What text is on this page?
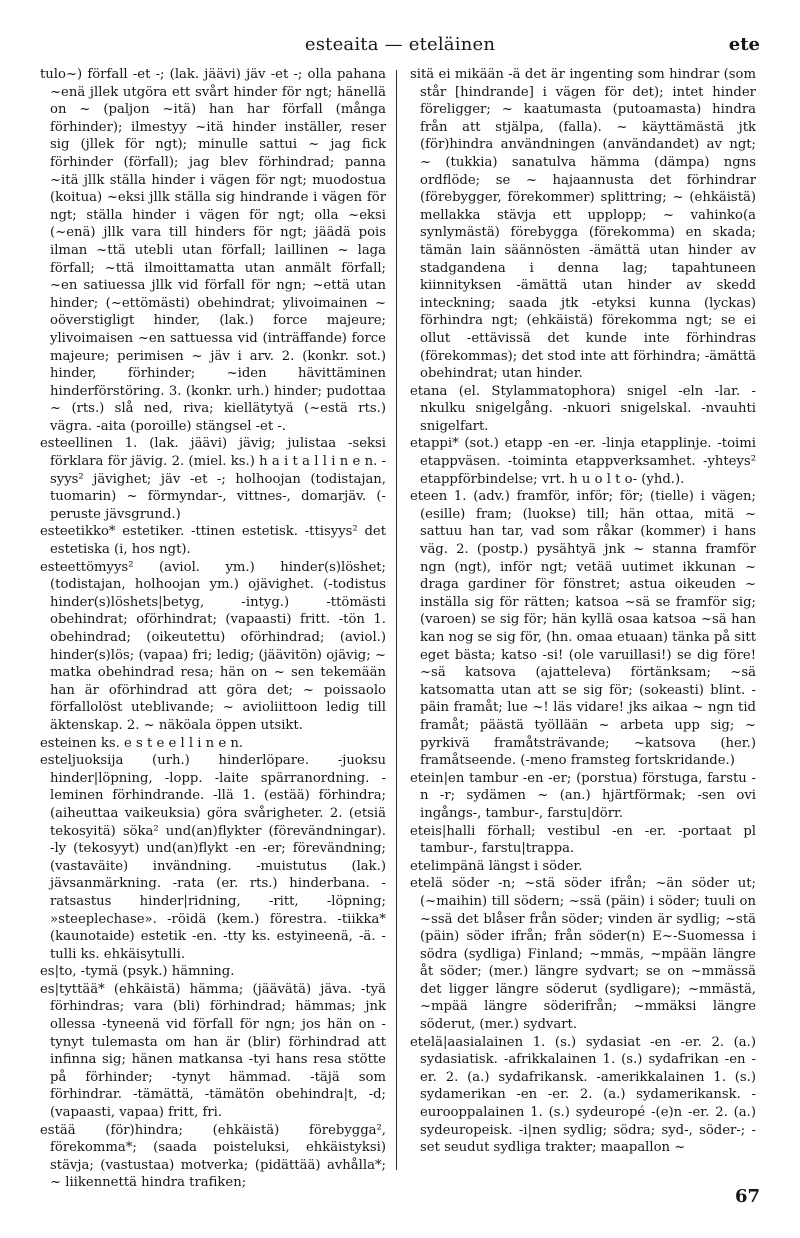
esteaita — eteläinen	ete

tulo~) förfall -et -; (lak. jäävi) jäv -et -; olla pahana ~enä jllek utgöra ett svårt hinder för ngt; hänellä on ~ (paljon ~itä) han har förfall (många förhinder); ilmestyy ~itä hinder inställer, reser sig (jllek för ngt); minulle sattui ~ jag fick förhinder (förfall); jag blev förhindrad; panna ~itä jllk ställa hinder i vägen för ngt; muodostua (koitua) ~eksi jllk ställa sig hindrande i vägen för ngt; ställa hinder i vägen för ngt; olla ~eksi (~enä) jllk vara till hinders för ngt; jäädä pois ilman ~ttä utebli utan förfall; laillinen ~ laga förfall; ~ttä ilmoittamatta utan anmält förfall; ~en satiuessa jllk vid förfall för ngn; ~että utan hinder; (~ettömästi) obehindrat; ylivoimainen ~ oöverstigligt hinder, (lak.) force majeure; ylivoimaisen ~en sattuessa vid (inträffande) force majeure; perimisen ~ jäv i arv. 2. (konkr. sot.) hinder, förhinder; ~iden hävittäminen hinderförstöring. 3. (konkr. urh.) hinder; pudottaa ~ (rts.) slå ned, riva; kiellätytyä (~estä rts.) vägra. -aita (poroille) stängsel -et -.

esteellinen 1. (lak. jäävi) jävig; julistaa -seksi förklara för jävig. 2. (miel. ks.) h a i t a l l i n e n. -syys² jävighet; jäv -et -; holhoojan (todistajan, tuomarin) ~ förmyndar-, vittnes-, domarjäv. (-peruste jävsgrund.)

esteetikko* estetiker. -ttinen estetisk. -ttisyys² det estetiska (i, hos ngt).

esteettömyys² (aviol. ym.) hinder(s)löshet; (todistajan, holhoojan ym.) ojävighet. (-todistus hinder(s)löshets|betyg, -intyg.) -ttömästi obehindrat; oförhindrat; (vapaasti) fritt. -tön 1. obehindrad; (oikeutettu) oförhindrad; (aviol.) hinder(s)lös; (vapaa) fri; ledig; (jäävitön) ojävig; ~ matka obehindrad resa; hän on ~ sen tekemään han är oförhindrad att göra det; ~ poissaolo förfallolöst uteblivande; ~ avioliittoon ledig till äktenskap. 2. ~ näköala öppen utsikt.

esteinen ks. e s t e e l l i n e n.

esteljuoksija (urh.) hinderlöpare. -juoksu hinder|löpning, -lopp. -laite spärranordning. -leminen förhindrande. -llä 1. (estää) förhindra; (aiheuttaa vaikeuksia) göra svårigheter. 2. (etsiä tekosyitä) söka² und(an)flykter (förevändningar). -ly (tekosyyt) und(an)flykt -en -er; förevändning; (vastaväite) invändning. -muistutus (lak.) jävsanmärkning. -rata (er. rts.) hinderbana. -ratsastus hinder|ridning, -ritt, -löpning; »steeplechase». -röidä (kem.) förestra. -tiikka* (kaunotaide) estetik -en. -tty ks. estyineenä, -ä. -tulli ks. ehkäisytulli.

es|to, -tymä (psyk.) hämning.

es|tyttää* (ehkäistä) hämma; (jäävätä) jäva. -tyä förhindras; vara (bli) förhindrad; hämmas; jnk ollessa -tyneenä vid förfall för ngn; jos hän on -tynyt tulemasta om han är (blir) förhindrad att infinna sig; hänen matkansa -tyi hans resa stötte på förhinder; -tynyt hämmad. -täjä som förhindrar. -tämättä, -tämätön obehindra|t, -d; (vapaasti, vapaa) fritt, fri.

estää (för)hindra; (ehkäistä) förebygga², förekomma*; (saada poisteluksi, ehkäistyksi) stävja; (vastustaa) motverka; (pidättää) avhålla*; ~ liikennettä hindra trafiken;

sitä ei mikään -ä det är ingenting som hindrar (som står [hindrande] i vägen för det); intet hinder föreligger; ~ kaatumasta (putoamasta) hindra från att stjälpa, (falla). ~ käyttämästä jtk (för)hindra användningen (användandet) av ngt; ~ (tukkia) sanatulva hämma (dämpa) ngns ordflöde; se ~ hajaannusta det förhindrar (förebygger, förekommer) splittring; ~ (ehkäistä) mellakka stävja ett upplopp; ~ vahinko(a synlymästä) förebygga (förekomma) en skada; tämän lain säännösten -ämättä utan hinder av stadgandena i denna lag; tapahtuneen kiinnityksen -ämättä utan hinder av skedd inteckning; saada jtk -etyksi kunna (lyckas) förhindra ngt; (ehkäistä) förekomma ngt; se ei ollut -ettävissä det kunde inte förhindras (förekommas); det stod inte att förhindra; -ämättä obehindrat; utan hinder.

etana (el. Stylammatophora) snigel -eln -lar. -nkulku snigelgång. -nkuori snigelskal. -nvauhti snigelfart.

etappi* (sot.) etapp -en -er. -linja etapplinje. -toimi etappväsen. -toiminta etappverksamhet. -yhteys² etappförbindelse; vrt. h u o l t o- (yhd.).

eteen 1. (adv.) framför, inför; för; (tielle) i vägen; (esille) fram; (luokse) till; hän ottaa, mitä ~ sattuu han tar, vad som råkar (kommer) i hans väg. 2. (postp.) pysähtyä jnk ~ stanna framför ngn (ngt), inför ngt; vetää uutimet ikkunan ~ draga gardiner för fönstret; astua oikeuden ~ inställa sig för rätten; katsoa ~sä se framför sig; (varoen) se sig för; hän kyllä osaa katsoa ~sä han kan nog se sig för, (hn. omaa etuaan) tänka på sitt eget bästa; katso -si! (ole varuillasi!) se dig före! ~sä katsova (ajatteleva) förtänksam; ~sä katsomatta utan att se sig för; (sokeasti) blint. -päin framåt; lue ~! läs vidare! jks aikaa ~ ngn tid framåt; päästä työllään ~ arbeta upp sig; ~ pyrkivä framåtsträvande; ~katsova (her.) framåtseende. (-meno framsteg fortskridande.)

etein|en tambur -en -er; (porstua) förstuga, farstu -n -r; sydämen ~ (an.) hjärtförmak; -sen ovi ingångs-, tambur-, farstu|dörr.

eteis|halli förhall; vestibul -en -er. -portaat pl tambur-, farstu|trappa.

etelimpänä längst i söder.

etelä söder -n; ~stä söder ifrån; ~än söder ut; (~maihin) till södern; ~ssä (päin) i söder; tuuli on ~ssä det blåser från söder; vinden är sydlig; ~stä (päin) söder ifrån; från söder(n) E~-Suomessa i södra (sydliga) Finland; ~mmäs, ~mpään längre åt söder; (mer.) längre sydvart; se on ~mmässä det ligger längre söderut (sydligare); ~mmästä, ~mpää längre söderifrån; ~mmäksi längre söderut, (mer.) sydvart.

etelä|aasialainen 1. (s.) sydasiat -en -er. 2. (a.) sydasiatisk. -afrikkalainen 1. (s.) sydafrikan -en -er. 2. (a.) sydafrikansk. -amerikkalainen 1. (s.) sydamerikan -en -er. 2. (a.) sydamerikansk. -eurooppalainen 1. (s.) sydeuropé -(e)n -er. 2. (a.) sydeuropeisk. -i|nen sydlig; södra; syd-, söder-; -set seudut sydliga trakter; maapallon ~

67
